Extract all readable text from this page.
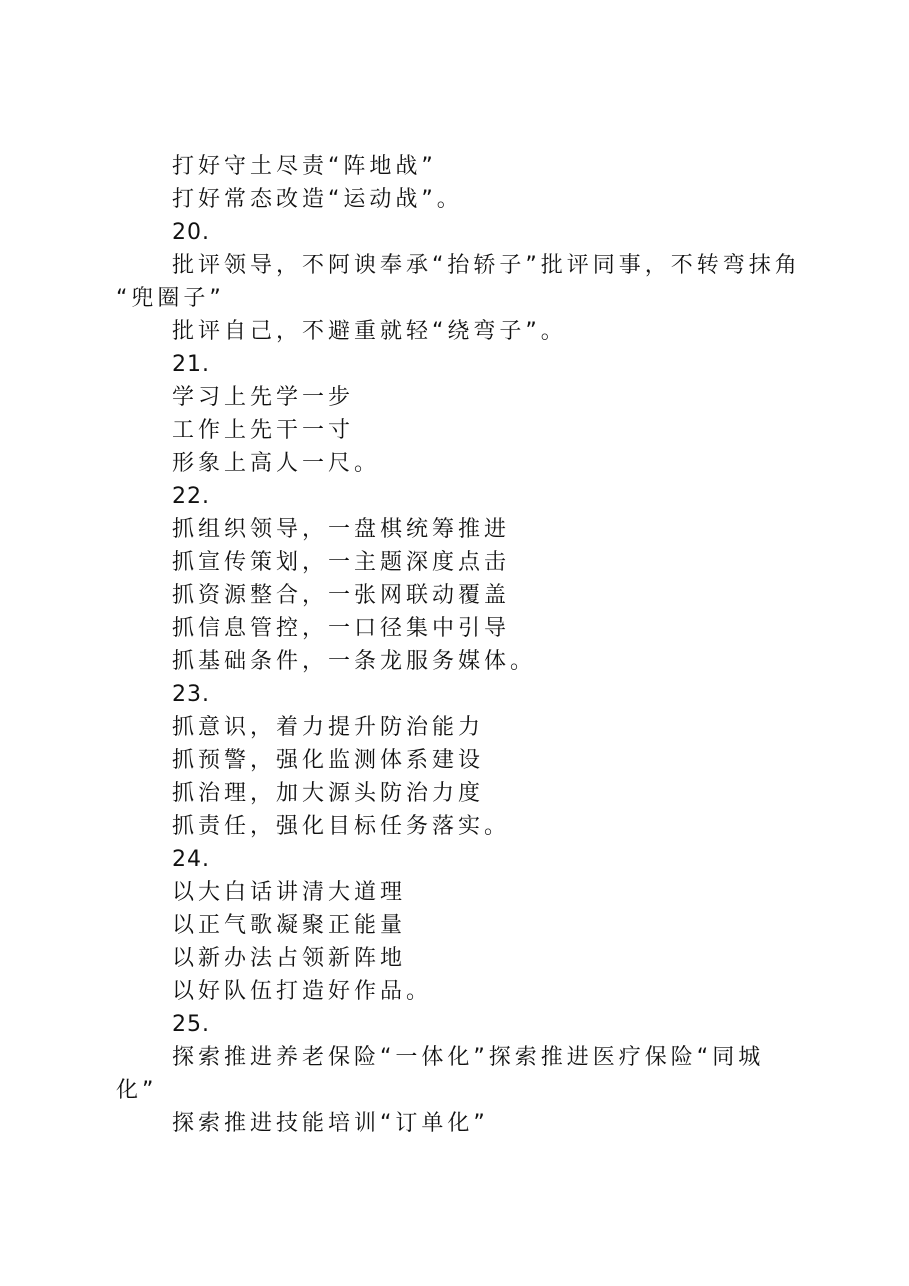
打好守土尽责“阵地战”
打好常态改造“运动战”。
20.
批评领导，不阿谀奉承“抬轿子”批评同事，不转弯抹角
“兜圈子”
批评自己，不避重就轻“绕弯子”。
21.
学习上先学一步
工作上先干一寸
形象上高人一尺。
22.
抓组织领导，一盘棋统筹推进
抓宣传策划，一主题深度点击
抓资源整合，一张网联动覆盖
抓信息管控，一口径集中引导
抓基础条件，一条龙服务媒体。
23.
抓意识，着力提升防治能力
抓预警，强化监测体系建设
抓治理，加大源头防治力度
抓责任，强化目标任务落实。
24.
以大白话讲清大道理
以正气歌凝聚正能量
以新办法占领新阵地
以好队伍打造好作品。
25.
探索推进养老保险“一体化”探索推进医疗保险“同城
化”
探索推进技能培训“订单化”
